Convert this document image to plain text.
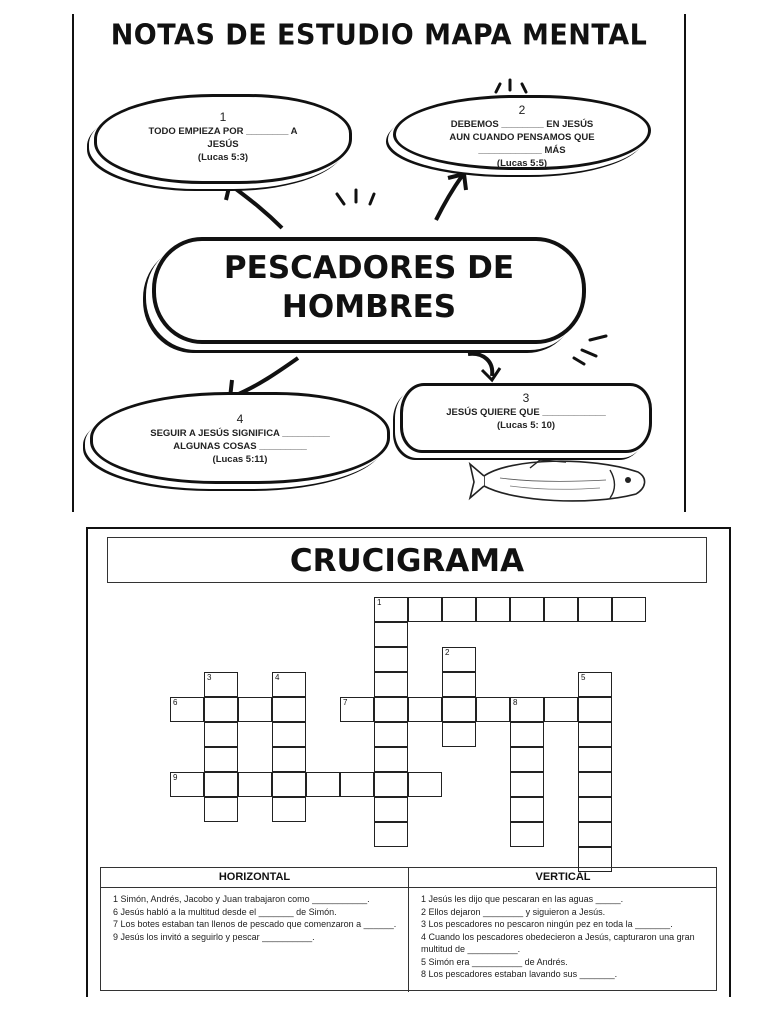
NOTAS DE ESTUDIO MAPA MENTAL
1
TODO EMPIEZA POR ________ A
JESÚS
(Lucas 5:3)
2
DEBEMOS ________ EN JESÚS
AUN CUANDO PENSAMOS QUE
____________ MÁS
(Lucas 5:5)
PESCADORES DE
HOMBRES
3
JESÚS QUIERE QUE ____________
(Lucas 5: 10)
4
SEGUIR A JESÚS SIGNIFICA _________
ALGUNAS COSAS _________
(Lucas 5:11)
CRUCIGRAMA
1
2
3	4	5
6	7	8
9
HORIZONTAL

1 Simón, Andrés, Jacobo y Juan trabajaron como ___________.

6 Jesús habló a la multitud desde el _______ de Simón.

7 Los botes estaban tan llenos de pescado que comenzaron a ______.

9 Jesús los invitó a seguirlo y pescar __________.

VERTICAL

1 Jesús les dijo que pescaran en las aguas _____.

2 Ellos dejaron ________ y siguieron a Jesús.

3 Los pescadores no pescaron ningún pez en toda la _______.

4 Cuando los pescadores obedecieron a Jesús, capturaron una gran multitud de __________.

5 Simón era __________ de Andrés.

8 Los pescadores estaban lavando sus _______.
